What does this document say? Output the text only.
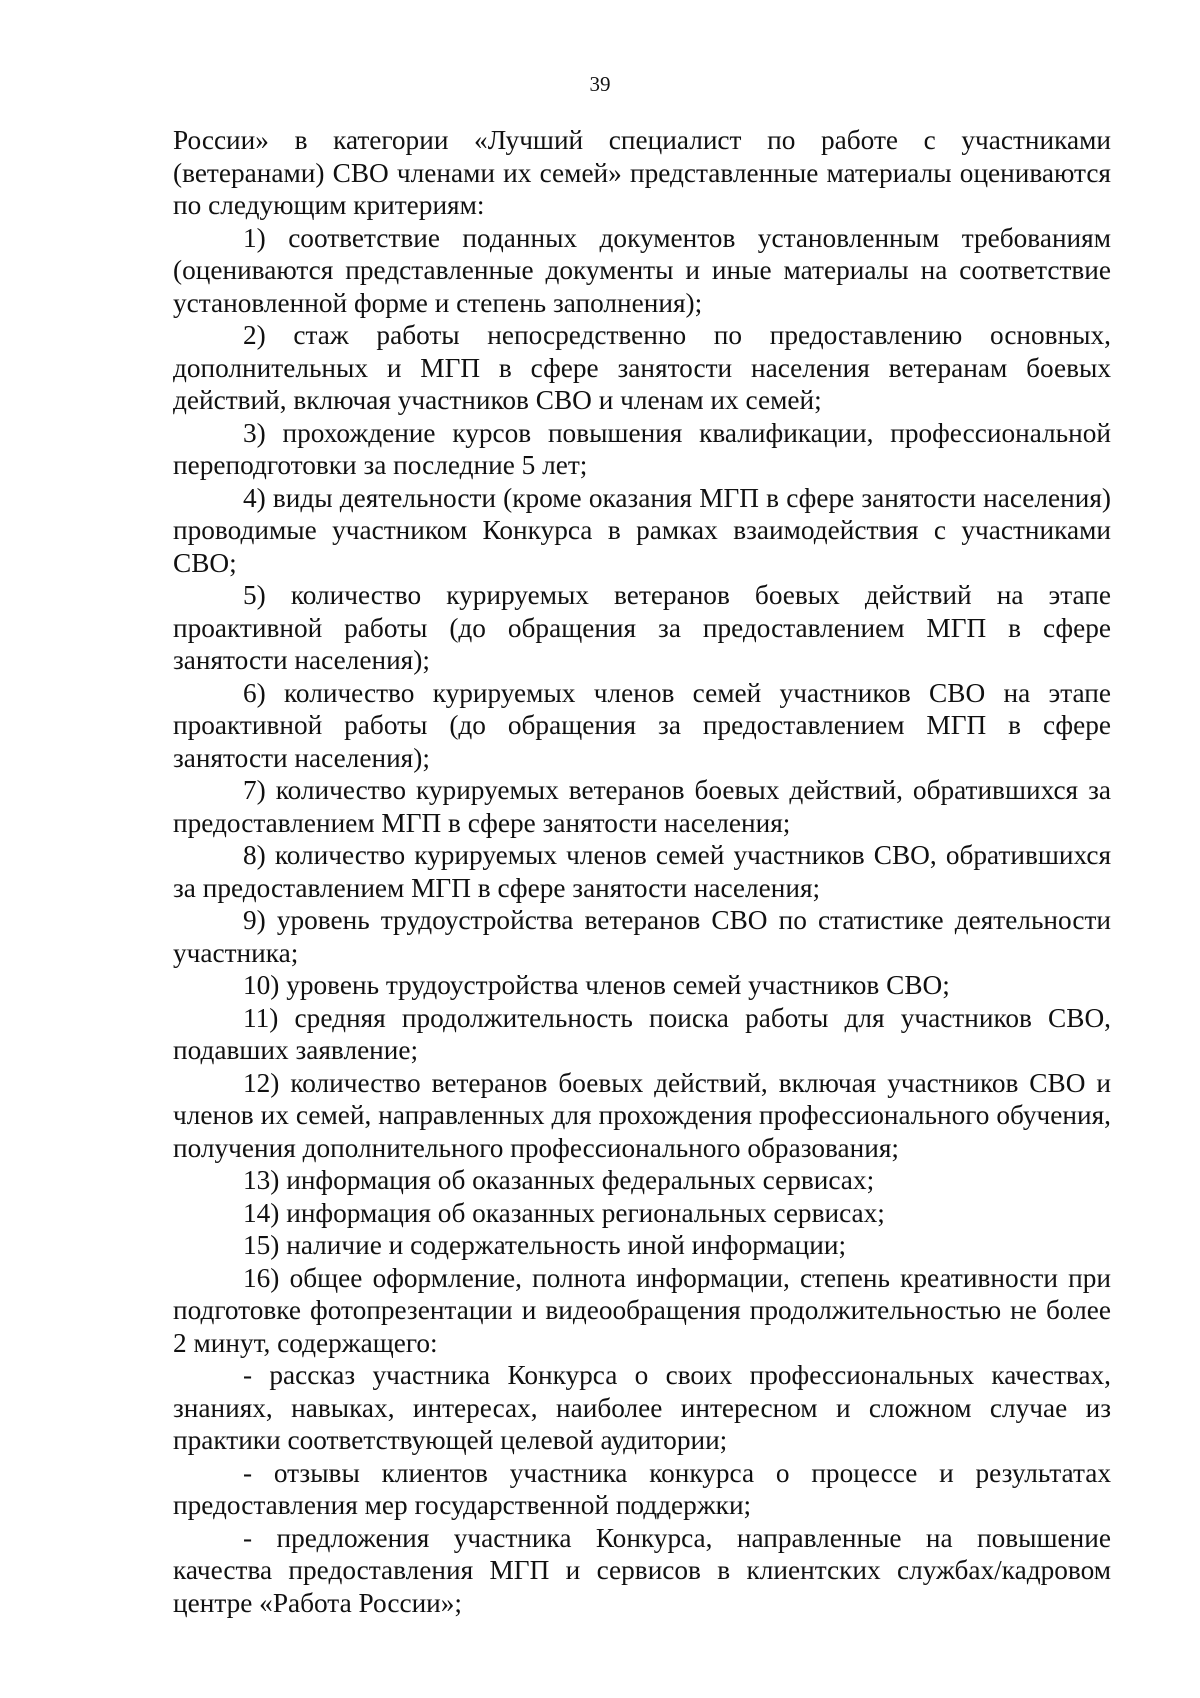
39

России» в категории «Лучший специалист по работе с участниками (ветеранами) СВО членами их семей» представленные материалы оцениваются по следующим критериям:

1) соответствие поданных документов установленным требованиям (оцениваются представленные документы и иные материалы на соответствие установленной форме и степень заполнения);

2) стаж работы непосредственно по предоставлению основных, дополнительных и МГП в сфере занятости населения ветеранам боевых действий, включая участников СВО и членам их семей;

3) прохождение курсов повышения квалификации, профессиональной переподготовки за последние 5 лет;

4) виды деятельности (кроме оказания МГП в сфере занятости населения) проводимые участником Конкурса в рамках взаимодействия с участниками СВО;

5) количество курируемых ветеранов боевых действий на этапе проактивной работы (до обращения за предоставлением МГП в сфере занятости населения);

6) количество курируемых членов семей участников СВО на этапе проактивной работы (до обращения за предоставлением МГП в сфере занятости населения);

7) количество курируемых ветеранов боевых действий, обратившихся за предоставлением МГП в сфере занятости населения;

8) количество курируемых членов семей участников СВО, обратившихся за предоставлением МГП в сфере занятости населения;

9) уровень трудоустройства ветеранов СВО по статистике деятельности участника;

10) уровень трудоустройства членов семей участников СВО;

11) средняя продолжительность поиска работы для участников СВО, подавших заявление;

12) количество ветеранов боевых действий, включая участников СВО и членов их семей, направленных для прохождения профессионального обучения, получения дополнительного профессионального образования;

13) информация об оказанных федеральных сервисах;

14) информация об оказанных региональных сервисах;

15) наличие и содержательность иной информации;

16) общее оформление, полнота информации, степень креативности при подготовке фотопрезентации и видеообращения продолжительностью не более 2 минут, содержащего:

- рассказ участника Конкурса о своих профессиональных качествах, знаниях, навыках, интересах, наиболее интересном и сложном случае из практики соответствующей целевой аудитории;

- отзывы клиентов участника конкурса о процессе и результатах предоставления мер государственной поддержки;

- предложения участника Конкурса, направленные на повышение качества предоставления МГП и сервисов в клиентских службах/кадровом центре «Работа России»;
